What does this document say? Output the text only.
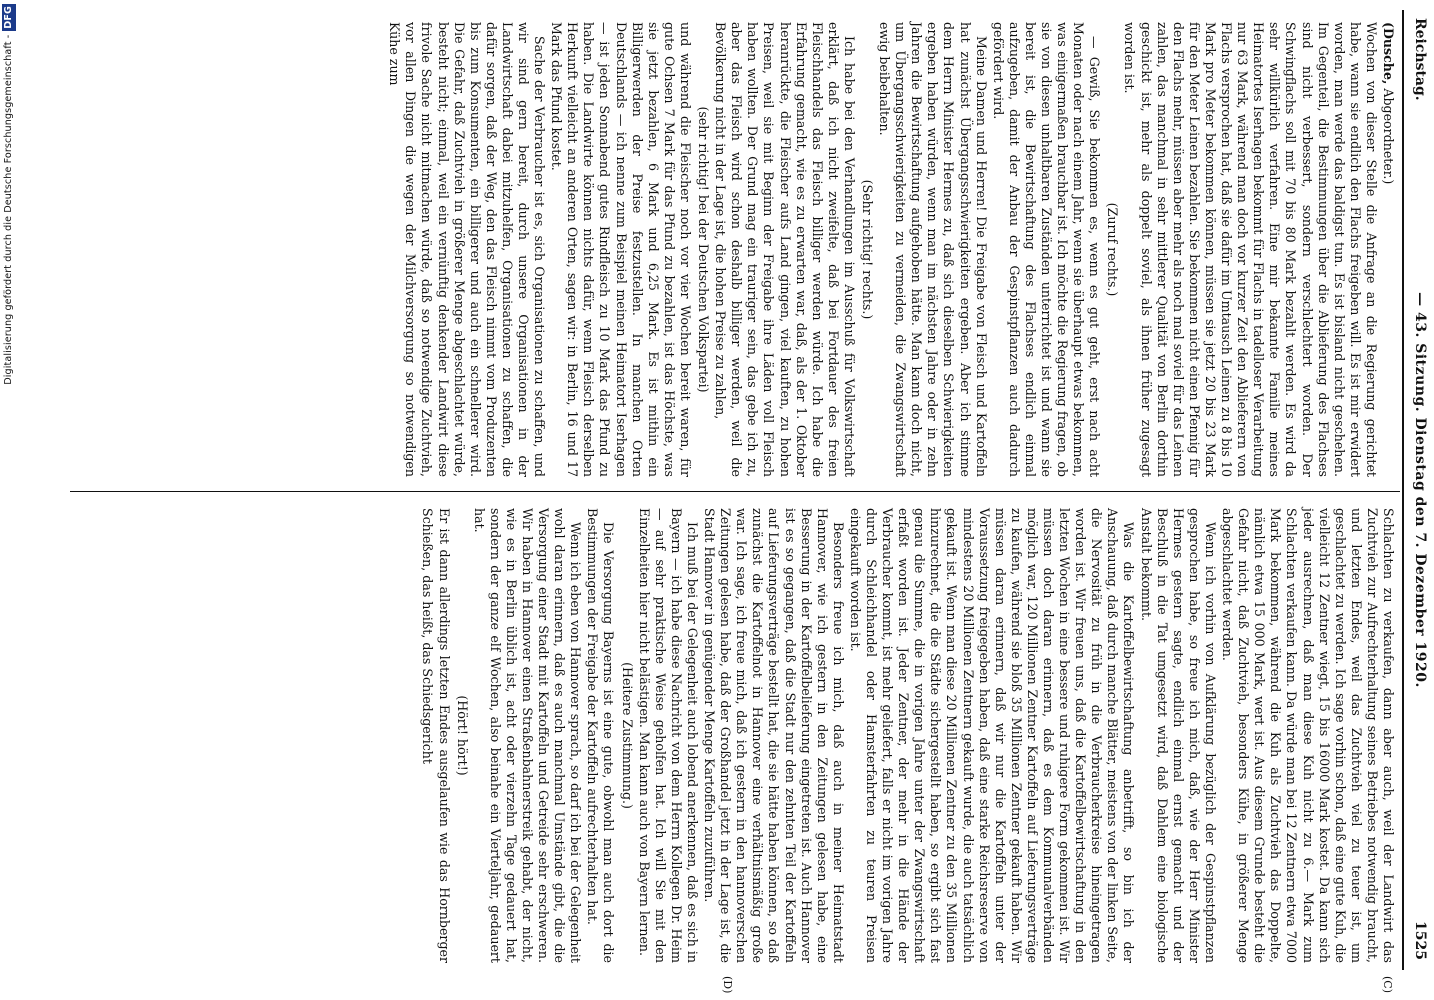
Digitalisierung gefördert durch die Deutsche Forschungsgemeinschaft -DFG
Reichstag.
— 43. Sitzung. Dienstag den 7. Dezember 1920.
1525
(C)
(D)

(Dusche, Abgeordneter.)

Wochen von dieser Stelle die Anfrage an die Regierung gerichtet habe, wann sie endlich den Flachs freigeben will. Es ist mir erwidert worden, man werde das baldigst tun. Es ist bisland nicht geschehen. Im Gegenteil, die Bestimmungen über die Ablieferung des Flachses sind nicht verbessert, sondern verschlechtert worden. Der Schwingflachs soll mit 70 bis 80 Mark bezahlt werden. Es wird da sehr willkürlich verfahren. Eine mir bekannte Familie meines Heimatortes Iserhagen bekommt für Flachs in tadelloser Verarbeitung nur 63 Mark, während man doch vor kurzer Zeit den Ablieferern von Flachs versprochen hat, daß sie dafür im Umtausch Leinen zu 8 bis 10 Mark pro Meter bekommen können, müssen sie jetzt 20 bis 23 Mark für den Meter Leinen bezahlen. Sie bekommen nicht einen Pfennig für den Flachs mehr, müssen aber mehr als noch mal soviel für das Leinen zahlen, das manchmal in sehr mittlerer Qualität von Berlin dorthin geschickt ist, mehr als doppelt soviel, als ihnen früher zugesagt worden ist.

(Zuruf rechts.)

— Gewiß, Sie bekommen es, wenn es gut geht, erst nach acht Monaten oder nach einem Jahr, wenn sie überhaupt etwas bekommen, was einigermaßen brauchbar ist. Ich möchte die Regierung fragen, ob sie von diesen unhaltbaren Zuständen unterrichtet ist und wann sie bereit ist, die Bewirtschaftung des Flachses endlich einmal aufzugeben, damit der Anbau der Gespinstpflanzen auch dadurch gefördert wird.

Meine Damen und Herren! Die Freigabe von Fleisch und Kartoffeln hat zunächst Übergangsschwierigkeiten ergeben. Aber ich stimme dem Herrn Minister Hermes zu, daß sich dieselben Schwierigkeiten ergeben haben würden, wenn man im nächsten Jahre oder in zehn Jahren die Bewirtschaftung aufgehoben hätte. Man kann doch nicht, um Übergangsschwierigkeiten zu vermeiden, die Zwangswirtschaft ewig beibehalten.

(Sehr richtig! rechts.)

Ich habe bei den Verhandlungen im Ausschuß für Volkswirtschaft erklärt, daß ich nicht zweifelte, daß bei Fortdauer des freien Fleischhandels das Fleisch billiger werden würde. Ich habe die Erfahrung gemacht, wie es zu erwarten war, daß, als der 1. Oktober heranrückte, die Fleischer aufs Land gingen, viel kauften, zu hohen Preisen, weil sie mit Beginn der Freigabe ihre Läden voll Fleisch haben wollten. Der Grund mag ein trauriger sein, das gebe ich zu, aber das Fleisch wird schon deshalb billiger werden, weil die Bevölkerung nicht in der Lage ist, die hohen Preise zu zahlen,

(sehr richtig! bei der Deutschen Volkspartei)

und während die Fleischer noch vor vier Wochen bereit waren, für gute Ochsen 7 Mark für das Pfund zu bezahlen, ist das Höchste, was sie jetzt bezahlen, 6 Mark und 6,25 Mark. Es ist mithin ein Billigerwerden der Preise festzustellen. In manchen Orten Deutschlands — ich nenne zum Beispiel meinen Heimatort Iserhagen — ist jeden Sonnabend gutes Rindfleisch zu 10 Mark das Pfund zu haben. Die Landwirte können nichts dafür, wenn Fleisch derselben Herkunft vielleicht an anderen Orten, sagen wir: in Berlin, 16 und 17 Mark das Pfund kostet.

Sache der Verbraucher ist es, sich Organisationen zu schaffen, und wir sind gern bereit, durch unsere Organisationen in der Landwirtschaft dabei mitzuhelfen, Organisationen zu schaffen, die dafür sorgen, daß der Weg, den das Fleisch nimmt vom Produzenten bis zum Konsumenten, ein billigerer und auch ein schnellerer wird. Die Gefahr, daß Zuchtvieh in größerer Menge abgeschlachtet würde, besteht nicht; einmal, weil ein vernünftig denkender Landwirt diese frivole Sache nicht mitmachen würde, daß so notwendige Zuchtvieh, vor allen Dingen die wegen der Milchversorgung so notwendigen Kühe zum

Schlachten zu verkaufen, dann aber auch, weil der Landwirt das Zuchtvieh zur Aufrechterhaltung seines Betriebes notwendig braucht, und letzten Endes, weil das Zuchtvieh viel zu teuer ist, um geschlachtet zu werden. Ich sage vorhin schon, daß eine gute Kuh, die vielleicht 12 Zentner wiegt, 15 bis 16000 Mark kostet. Da kann sich jeder ausrechnen, daß man diese Kuh nicht zu 6.— Mark zum Schlachten verkaufen kann. Da würde man bei 12 Zentnern etwa 7000 Mark bekommen, während die Kuh als Zuchtvieh das Doppelte, nämlich etwa 15 000 Mark, wert ist. Aus diesem Grunde besteht die Gefahr nicht, daß Zuchtvieh, besonders Kühe, in größerer Menge abgeschlachtet werden.

Wenn ich vorhin von Aufklärung bezüglich der Gespinstpflanzen gesprochen habe, so freue ich mich, daß, wie der Herr Minister Hermes gestern sagte, endlich einmal ernst gemacht und der Beschluß in die Tat umgesetzt wird, daß Dahlem eine biologische Anstalt bekommt.

Was die Kartoffelbewirtschaftung anbetrifft, so bin ich der Anschauung, daß durch manche Blätter, meistens von der linken Seite, die Nervosität zu früh in die Verbraucherkreise hineingetragen worden ist. Wir freuen uns, daß die Kartoffelbewirtschaftung in den letzten Wochen in eine bessere und ruhigere Form gekommen ist. Wir müssen doch daran erinnern, daß es dem Kommunalverbänden möglich war, 120 Millionen Zentner Kartoffeln auf Lieferungsverträge zu kaufen, während sie bloß 35 Millionen Zentner gekauft haben. Wir müssen daran erinnern, daß wir nur die Kartoffeln unter der Voraussetzung freigegeben haben, daß eine starke Reichsreserve von mindestens 20 Millionen Zentnern gekauft wurde, die auch tatsächlich gekauft ist. Wenn man diese 20 Millionen Zentner zu den 35 Millionen hinzurechnet, die die Städte sichergestellt haben, so ergibt sich fast genau die Summe, die in vorigen Jahre unter der Zwangswirtschaft erfaßt worden ist. Jeder Zentner, der mehr in die Hände der Verbraucher kommt, ist mehr geliefert, falls er nicht im vorigen Jahre durch Schleichhandel oder Hamsterfahrten zu teuren Preisen eingekauft worden ist.

Besonders freue ich mich, daß auch in meiner Heimatstadt Hannover, wie ich gestern in den Zeitungen gelesen habe, eine Besserung in der Kartoffelbelieferung eingetreten ist. Auch Hannover ist es so gegangen, daß die Stadt nur den zehnten Teil der Kartoffeln auf Lieferungsverträge bestellt hat, die sie hätte haben können, so daß zunächst die Kartoffelnot in Hannover eine verhältnismäßig große war. Ich sage, ich freue mich, daß ich gestern in den hannoverschen Zeitungen gelesen habe, daß der Großhandel jetzt in der Lage ist, die Stadt Hannover in genügender Menge Kartoffeln zuzuführen.

Ich muß bei der Gelegenheit auch lobend anerkennen, daß es sich in Bayern — ich habe diese Nachricht von dem Herrn Kollegen Dr. Heim — auf sehr praktische Weise geholfen hat. Ich will Sie mit den Einzelheiten hier nicht belästigen. Man kann auch von Bayern lernen.

(Heitere Zustimmung.)

Die Versorgung Bayerns ist eine gute, obwohl man auch dort die Bestimmungen der Freigabe der Kartoffeln aufrechterhalten hat.

Wenn ich eben von Hannover sprach, so darf ich bei der Gelegenheit wohl daran erinnern, daß es auch manchmal Umstände gibt, die die Versorgung einer Stadt mit Kartoffeln und Getreide sehr erschweren. Wir haben in Hannover einen Straßenbahnerstreik gehabt, der nicht, wie es in Berlin üblich ist, acht oder vierzehn Tage gedauert hat, sondern der ganze elf Wochen, also beinahe ein Vierteljahr, gedauert hat.

(Hört! hört!)

Er ist dann allerdings letzten Endes ausgelaufen wie das Hornberger Schießen, das heißt, das Schiedsgericht
